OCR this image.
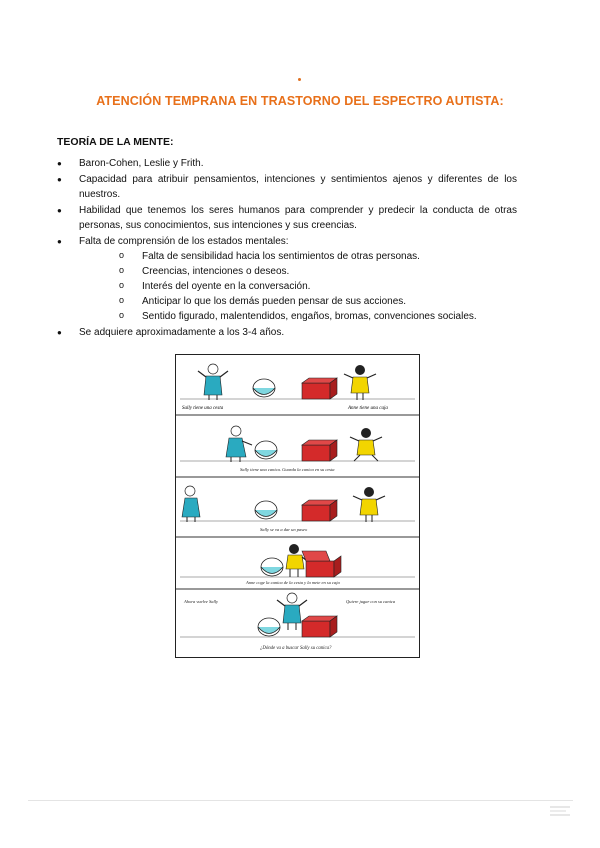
ATENCIÓN TEMPRANA EN TRASTORNO DEL ESPECTRO AUTISTA:
TEORÍA DE LA MENTE:
● Baron-Cohen, Leslie y Frith.
● Capacidad para atribuir pensamientos, intenciones y sentimientos ajenos y diferentes de los nuestros.
● Habilidad que tenemos los seres humanos para comprender y predecir la conducta de otras personas, sus conocimientos, sus intenciones y sus creencias.
● Falta de comprensión de los estados mentales:
o Falta de sensibilidad hacia los sentimientos de otras personas.
o Creencias, intenciones o deseos.
o Interés del oyente en la conversación.
o Anticipar lo que los demás pueden pensar de sus acciones.
o Sentido figurado, malentendidos, engaños, bromas, convenciones sociales.
● Se adquiere aproximadamente a los 3-4 años.
Sally tiene una cesta	Anne tiene una caja
Sally tiene una canica. Guarda la canica en su cesta
Sally se va a dar un paseo
Anne coge la canica de la cesta y la mete en su caja
Ahora vuelve Sally	Quiere jugar con su canica
¿Dónde va a buscar Sally su canica?
